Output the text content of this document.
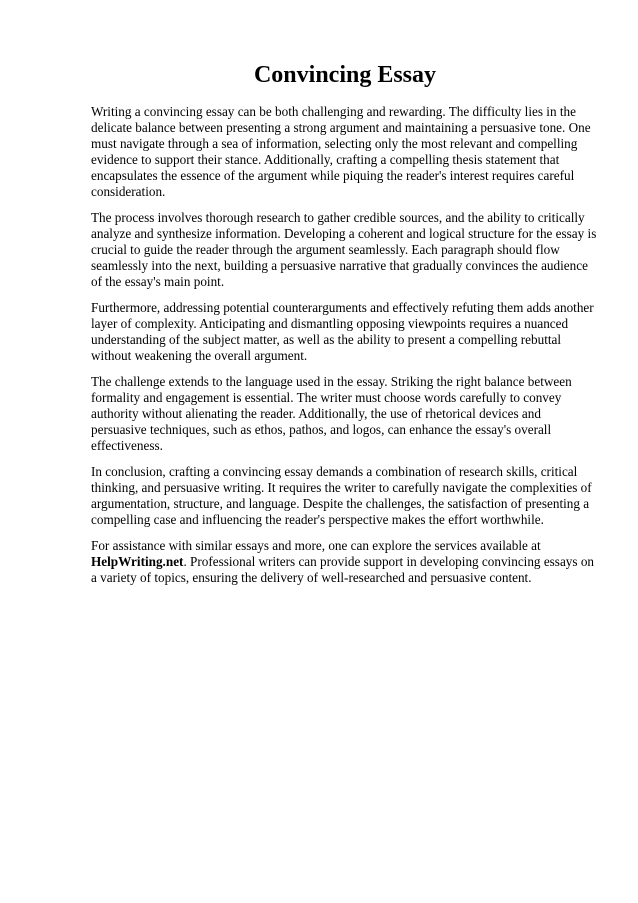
Convincing Essay

Writing a convincing essay can be both challenging and rewarding. The difficulty lies in the delicate balance between presenting a strong argument and maintaining a persuasive tone. One must navigate through a sea of information, selecting only the most relevant and compelling evidence to support their stance. Additionally, crafting a compelling thesis statement that encapsulates the essence of the argument while piquing the reader's interest requires careful consideration.

The process involves thorough research to gather credible sources, and the ability to critically analyze and synthesize information. Developing a coherent and logical structure for the essay is crucial to guide the reader through the argument seamlessly. Each paragraph should flow seamlessly into the next, building a persuasive narrative that gradually convinces the audience of the essay's main point.

Furthermore, addressing potential counterarguments and effectively refuting them adds another layer of complexity. Anticipating and dismantling opposing viewpoints requires a nuanced understanding of the subject matter, as well as the ability to present a compelling rebuttal without weakening the overall argument.

The challenge extends to the language used in the essay. Striking the right balance between formality and engagement is essential. The writer must choose words carefully to convey authority without alienating the reader. Additionally, the use of rhetorical devices and persuasive techniques, such as ethos, pathos, and logos, can enhance the essay's overall effectiveness.

In conclusion, crafting a convincing essay demands a combination of research skills, critical thinking, and persuasive writing. It requires the writer to carefully navigate the complexities of argumentation, structure, and language. Despite the challenges, the satisfaction of presenting a compelling case and influencing the reader's perspective makes the effort worthwhile.

For assistance with similar essays and more, one can explore the services available at HelpWriting.net. Professional writers can provide support in developing convincing essays on a variety of topics, ensuring the delivery of well-researched and persuasive content.
